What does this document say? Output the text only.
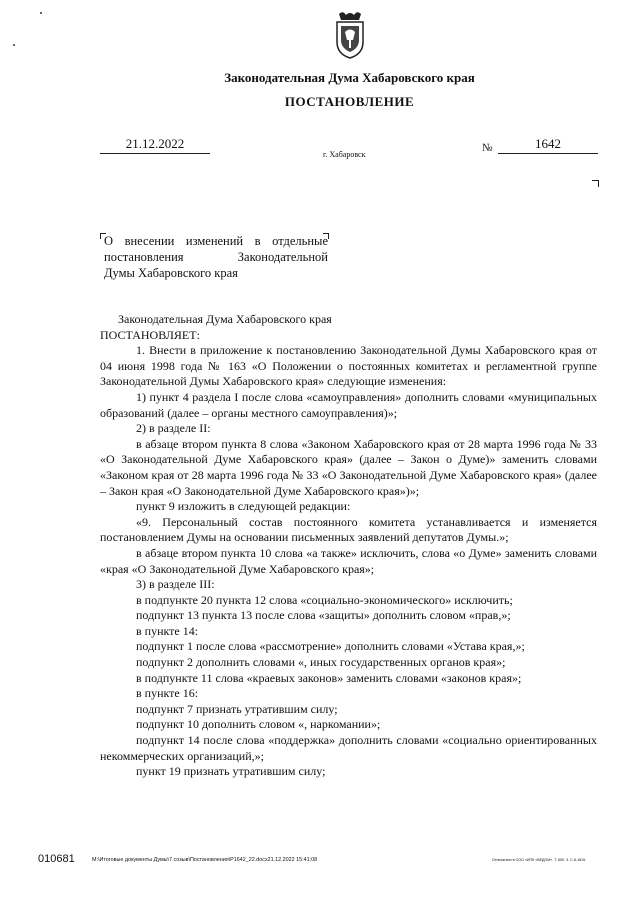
Законодательная Дума Хабаровского края
ПОСТАНОВЛЕНИЕ
21.12.2022
г. Хабаровск
№	1642
О внесении изменений в отдельные
постановления Законодательной
Думы Хабаровского края

Законодательная Дума Хабаровского края

ПОСТАНОВЛЯЕТ:

1. Внести в приложение к постановлению Законодательной Думы Хабаровского края от 04 июня 1998 года № 163 «О Положении о постоянных комитетах и регламентной группе Законодательной Думы Хабаровского края» следующие изменения:

1) пункт 4 раздела I после слова «самоуправления» дополнить словами «муниципальных образований (далее – органы местного самоуправления)»;

2) в разделе II:

в абзаце втором пункта 8 слова «Законом Хабаровского края от 28 марта 1996 года № 33 «О Законодательной Думе Хабаровского края» (далее – Закон о Думе)» заменить словами «Законом края от 28 марта 1996 года № 33 «О Законодательной Думе Хабаровского края» (далее – Закон края «О Законодательной Думе Хабаровского края»)»;

пункт 9 изложить в следующей редакции:

«9. Персональный состав постоянного комитета устанавливается и изменяется постановлением Думы на основании письменных заявлений депутатов Думы.»;

в абзаце втором пункта 10 слова «а также» исключить, слова «о Думе» заменить словами «края «О Законодательной Думе Хабаровского края»;

3) в разделе III:

в подпункте 20 пункта 12 слова «социально-экономического» исключить;

подпункт 13 пункта 13 после слова «защиты» дополнить словом «прав,»;

в пункте 14:

подпункт 1 после слова «рассмотрение» дополнить словами «Устава края,»;

подпункт 2 дополнить словами «, иных государственных органов края»;

в подпункте 11 слова «краевых законов» заменить словами «законов края»;

в пункте 16:

подпункт 7 признать утратившим силу;

подпункт 10 дополнить словом «, наркомании»;

подпункт 14 после слова «поддержка» дополнить словами «социально ориентированных некоммерческих организаций,»;

пункт 19 признать утратившим силу;

010681	M:\Итоговые документы Думы\7 созыв\Постановления\P1642_22.docx21.12.2022 15:41:08	Отпечатано в ООО «ИПК «ВЕДОМ». Т. 650. З. С-8-1815.
